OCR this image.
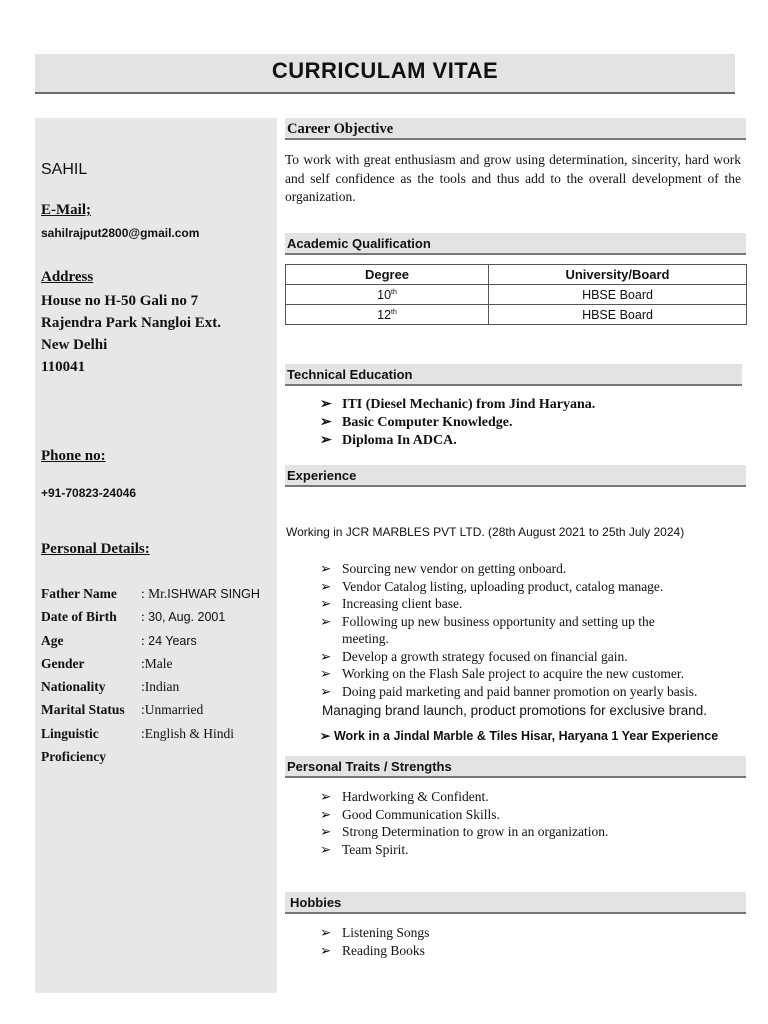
CURRICULAM VITAE
SAHIL
E-Mail;
sahilrajput2800@gmail.com
Address
House no H-50 Gali no 7
Rajendra Park Nangloi Ext.
New Delhi
110041
Phone no:
+91-70823-24046
Personal Details:
Father Name : Mr.ISHWAR SINGH
Date of Birth : 30, Aug. 2001
Age	: 24 Years
Gender	:Male
Nationality	:Indian
Marital Status :Unmarried
Linguistic	:English & Hindi
Proficiency
Career Objective
To work with great enthusiasm and grow using determination, sincerity, hard work and self confidence as the tools and thus add to the overall development of the organization.
Academic Qualification
Degree	University/Board
10th	HBSE Board
12th	HBSE Board
Technical Education
➢ ITI (Diesel Mechanic) from Jind Haryana.
➢ Basic Computer Knowledge.
➢ Diploma In ADCA.
Experience
Working in JCR MARBLES PVT LTD. (28th August 2021 to 25th July 2024)
➢ Sourcing new vendor on getting onboard.
➢ Vendor Catalog listing, uploading product, catalog manage.
➢ Increasing client base.
➢ Following up new business opportunity and setting up the
meeting.
➢ Develop a growth strategy focused on financial gain.
➢ Working on the Flash Sale project to acquire the new customer.
➢ Doing paid marketing and paid banner promotion on yearly basis.
Managing brand launch, product promotions for exclusive brand.
➢ Work in a Jindal Marble & Tiles Hisar, Haryana 1 Year Experience
Personal Traits / Strengths
➢ Hardworking & Confident.
➢ Good Communication Skills.
➢ Strong Determination to grow in an organization.
➢ Team Spirit.
Hobbies
➢ Listening Songs
➢ Reading Books
